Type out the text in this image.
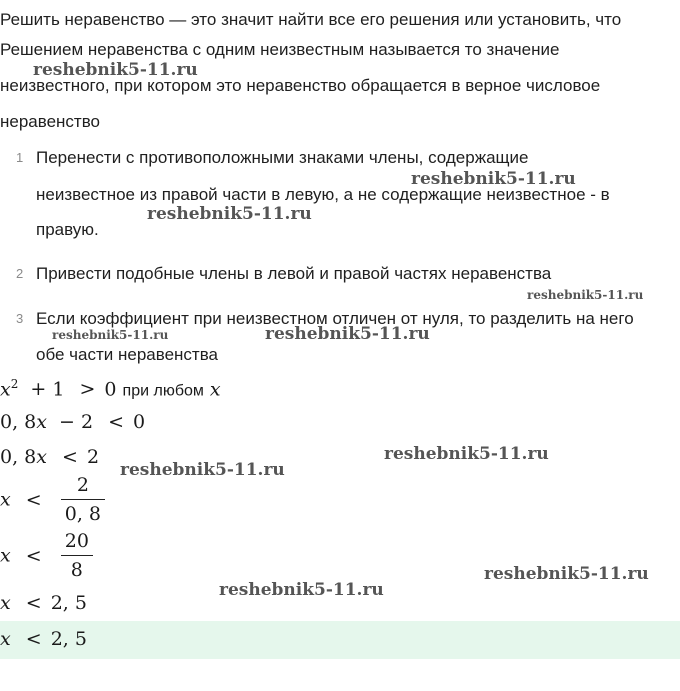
Решить неравенство — это значит найти все его решения или установить, что
Решением неравенства с одним неизвестным называется то значение
неизвестного, при котором это неравенство обращается в верное числовое
неравенство
1 Перенести с противоположными знаками члены, содержащие
неизвестное из правой части в левую, а не содержащие неизвестное - в
правую.
2 Привести подобные члены в левой и правой частях неравенства
3 Если коэффициент при неизвестном отличен от нуля, то разделить на него
обе части неравенства
$x^2 + 1 > 0$ при любом x
0, 8x − 2 < 0
0, 8x < 2
$x < \frac{2}{0, 8}$
$x < \frac{20}{8}$
x < 2, 5
x < 2, 5
reshebnik5-11.ru
reshebnik5-11.ru
reshebnik5-11.ru
reshebnik5-11.ru
reshebnik5-11.ru	reshebnik5-11.ru
reshebnik5-11.ru
reshebnik5-11.ru
reshebnik5-11.ru
reshebnik5-11.ru
